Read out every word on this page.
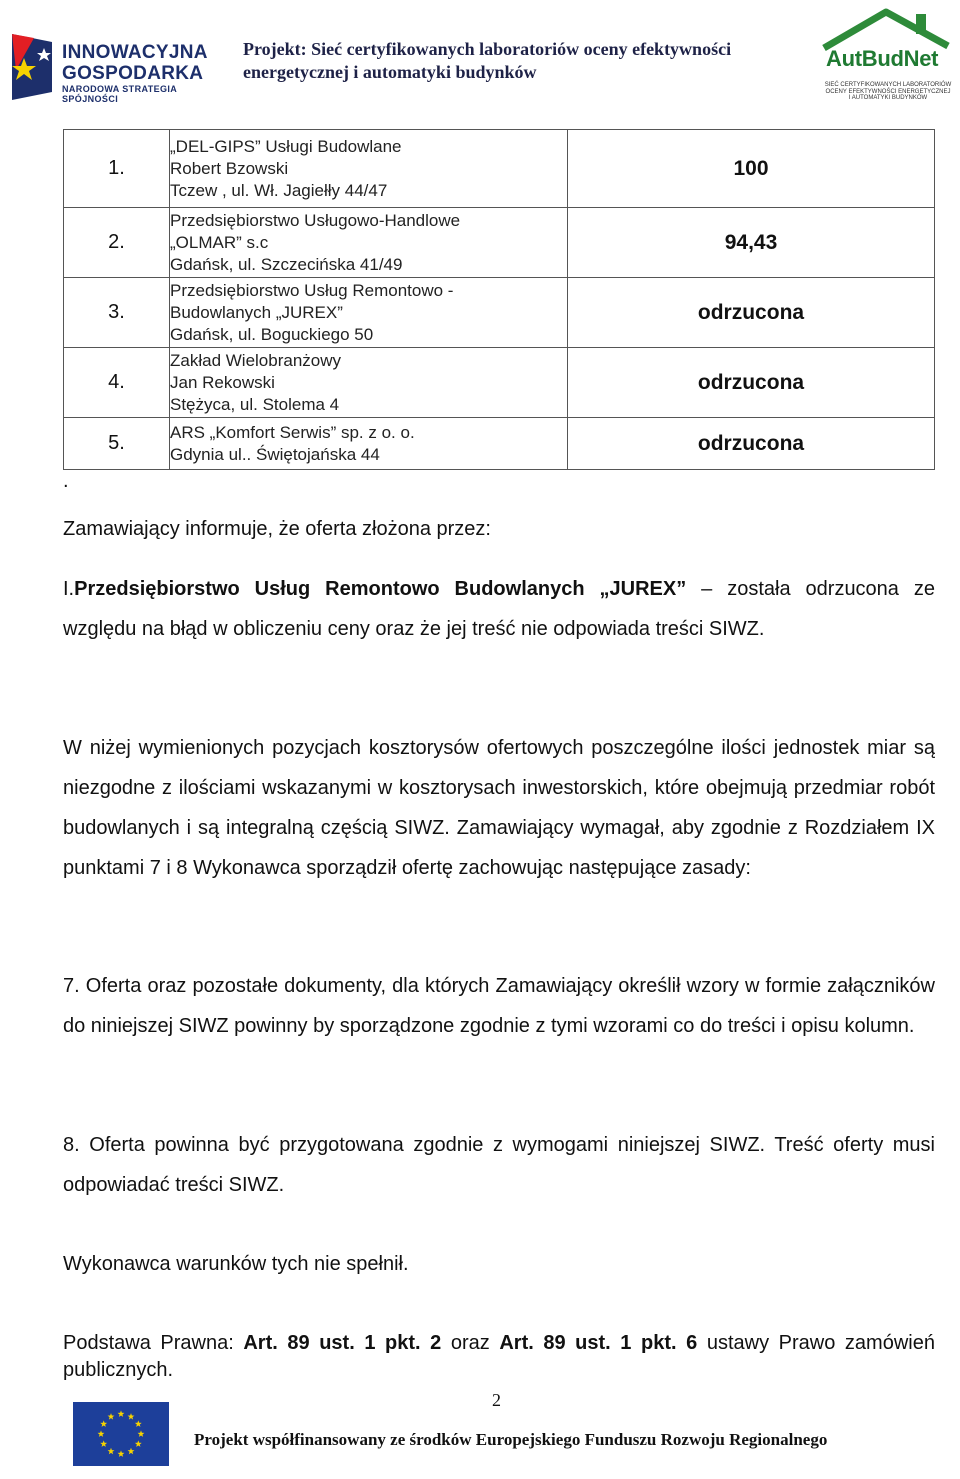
INNOWACYJNA
GOSPODARKA
NARODOWA STRATEGIA SPÓJNOŚCI
Projekt: Sieć certyfikowanych laboratoriów oceny efektywności
energetycznej i automatyki budynków
AutBudNet
SIEĆ CERTYFIKOWANYCH LABORATORIÓW
OCENY EFEKTYWNOŚCI ENERGETYCZNEJ
I AUTOMATYKI BUDYNKÓW
1.	„DEL-GIPS” Usługi Budowlane
Robert Bzowski
Tczew , ul. Wł. Jagiełły 44/47	100
2.	Przedsiębiorstwo Usługowo-Handlowe
„OLMAR” s.c
Gdańsk, ul. Szczecińska 41/49	94,43
3.	Przedsiębiorstwo Usług Remontowo -
Budowlanych „JUREX”
Gdańsk, ul. Boguckiego 50	odrzucona
4.	Zakład Wielobranżowy
Jan Rekowski
Stężyca, ul. Stolema 4	odrzucona
5.	ARS „Komfort Serwis” sp. z o. o.
Gdynia ul.. Świętojańska 44	odrzucona
.
Zamawiający informuje, że oferta złożona przez:
I.Przedsiębiorstwo Usług Remontowo Budowlanych „JUREX” – została odrzucona ze względu na błąd w obliczeniu ceny oraz że jej treść nie odpowiada treści SIWZ.
W niżej wymienionych pozycjach kosztorysów ofertowych poszczególne ilości jednostek miar są niezgodne z ilościami wskazanymi w kosztorysach inwestorskich, które obejmują przedmiar robót budowlanych i są integralną częścią SIWZ. Zamawiający wymagał, aby zgodnie z Rozdziałem IX punktami 7 i 8 Wykonawca sporządził ofertę zachowując następujące zasady:
7. Oferta oraz pozostałe dokumenty, dla których Zamawiający określił wzory w formie załączników do niniejszej SIWZ powinny by sporządzone zgodnie z tymi wzorami co do treści i opisu kolumn.
8. Oferta powinna być przygotowana zgodnie z wymogami niniejszej SIWZ. Treść oferty musi odpowiadać treści SIWZ.
Wykonawca warunków tych nie spełnił.
Podstawa Prawna: Art. 89 ust. 1 pkt. 2 oraz Art. 89 ust. 1 pkt. 6 ustawy Prawo zamówień publicznych.
2
Projekt współfinansowany ze środków Europejskiego Funduszu Rozwoju Regionalnego
